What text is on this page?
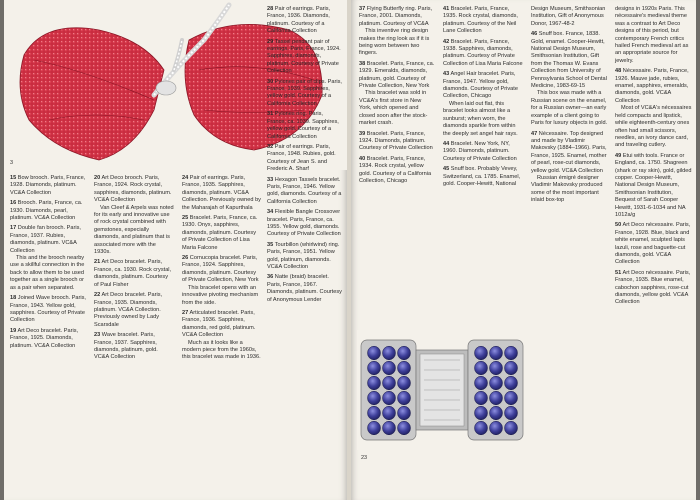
3

15 Bow brooch. Paris, France, 1928. Diamonds, platinum. VC&A Collection

16 Brooch. Paris, France, ca. 1930. Diamonds, pearl, platinum. VC&A Collection

17 Double fan brooch. Paris, France, 1937. Rubies, diamonds, platinum. VC&A Collection

This and the brooch nearby use a skillful connection in the back to allow them to be used together as a single brooch or as a pair when separated.

18 Joined Wave brooch. Paris, France, 1943. Yellow gold, sapphires. Courtesy of Private Collection

19 Art Deco bracelet. Paris, France, 1925. Diamonds, platinum. VC&A Collection

20 Art Deco brooch. Paris, France, 1924. Rock crystal, sapphires, diamonds, platinum. VC&A Collection

Van Cleef & Arpels was noted for its early and innovative use of rock crystal combined with gemstones, especially diamonds, and platinum that is associated more with the 1930s.

21 Art Deco bracelet. Paris, France, ca. 1930. Rock crystal, diamonds, platinum. Courtesy of Paul Fisher

22 Art Deco bracelet. Paris, France, 1935. Diamonds, platinum. VC&A Collection. Previously owned by Lady Scarsdale

23 Wave bracelet. Paris, France, 1937. Sapphires, diamonds, platinum, gold. VC&A Collection

24 Pair of earrings. Paris, France, 1935. Sapphires, diamonds, platinum. VC&A Collection. Previously owned by the Maharajah of Kapurthala

25 Bracelet. Paris, France, ca. 1930. Onyx, sapphires, diamonds, platinum. Courtesy of Private Collection of Lisa Maria Falcone

26 Cornucopia bracelet. Paris, France, 1924. Sapphires, diamonds, platinum. Courtesy of Private Collection, New York

This bracelet opens with an innovative pivoting mechanism from the side.

27 Articulated bracelet. Paris, France, 1936. Sapphires, diamonds, red gold, platinum. VC&A Collection

Much as it looks like a modern piece from the 1960s, this bracelet was made in 1936.

28 Pair of earrings. Paris, France, 1936. Diamonds, platinum. Courtesy of a California Collection

29 Tassel pendant pair of earrings. Paris, France, 1924. Sapphires, diamonds, platinum. Courtesy of Private Collection

30 Pylones pair of clips. Paris, France, 1939. Sapphires, yellow gold. Courtesy of a California Collection

31 Pylones ring. Paris, France, ca. 1939. Sapphires, yellow gold. Courtesy of a California Collection

32 Pair of earrings. Paris, France, 1948. Rubies, gold. Courtesy of Jean S. and Frederic A. Sharf

33 Hexagon Tassels bracelet. Paris, France, 1946. Yellow gold, diamonds. Courtesy of a California Collection

34 Flexible Bangle Crossover bracelet. Paris, France, ca. 1955. Yellow gold, diamonds. Courtesy of Private Collection

35 Tourbillon (whirlwind) ring. Paris, France, 1951. Yellow gold, platinum, diamonds. VC&A Collection

36 Natte (braid) bracelet. Paris, France, 1967. Diamonds, platinum. Courtesy of Anonymous Lender

37 Flying Butterfly ring. Paris, France, 2001. Diamonds, platinum. Courtesy of VC&A

This inventive ring design makes the ring look as if it is being worn between two fingers.

38 Bracelet. Paris, France, ca. 1929. Emeralds, diamonds, platinum, gold. Courtesy of Private Collection, New York

This bracelet was sold in VC&A's first store in New York, which opened and closed soon after the stock-market crash.

39 Bracelet. Paris, France, 1924. Diamonds, platinum. Courtesy of Private Collection

40 Bracelet. Paris, France, 1934. Rock crystal, yellow gold. Courtesy of a California Collection, Chicago

41 Bracelet. Paris, France, 1935. Rock crystal, diamonds, platinum. Courtesy of the Neil Lane Collection

42 Bracelet. Paris, France, 1938. Sapphires, diamonds, platinum. Courtesy of Private Collection of Lisa Maria Falcone

43 Angel Hair bracelet. Paris, France, 1947. Yellow gold, diamonds. Courtesy of Private Collection, Chicago

When laid out flat, this bracelet looks almost like a sunburst; when worn, the diamonds sparkle from within the deeply set angel hair rays.

44 Bracelet. New York, NY, 1960. Diamonds, platinum. Courtesy of Private Collection

45 Snuff box. Probably Vevey, Switzerland, ca. 1785. Enamel, gold. Cooper-Hewitt, National

Design Museum, Smithsonian Institution, Gift of Anonymous Donor, 1967-48-2

46 Snuff box. France, 1838. Gold, enamel. Cooper-Hewitt, National Design Museum, Smithsonian Institution, Gift from the Thomas W. Evans Collection from University of Pennsylvania School of Dental Medicine, 1983-69-15

This box was made with a Russian scene on the enamel, for a Russian owner—an early example of a client going to Paris for luxury objects in gold.

47 Nécessaire. Top designed and made by Vladimir Makovsky (1884–1966). Paris, France, 1925. Enamel, mother of pearl, rose-cut diamonds, yellow gold. VC&A Collection

Russian émigré designer Vladimir Makovsky produced some of the most important inlaid box-top

designs in 1920s Paris. This nécessaire's medieval theme was a contrast to Art Deco designs of this period, but contemporary French critics hailed French medieval art as an appropriate source for jewelry.

48 Nécessaire. Paris, France, 1926. Mauve jade, rubies, enamel, sapphires, emeralds, diamonds, gold. VC&A Collection

Most of VC&A's nécessaires held compacts and lipstick, while eighteenth-century ones often had small scissors, needles, an ivory dance card, and traveling cutlery.

49 Etui with tools. France or England, ca. 1750. Shagreen (shark or ray skin), gold, gilded copper. Cooper-Hewitt, National Design Museum, Smithsonian Institution, Bequest of Sarah Cooper Hewitt, 1931-6-1034 and NA 1012a/g

50 Art Deco nécessaire. Paris, France, 1928. Blue, black and white enamel, sculpted lapis lazuli, rose and baguette-cut diamonds, gold. VC&A Collection

51 Art Deco nécessaire. Paris, France, 1935. Blue enamel, cabochon sapphires, rose-cut diamonds, yellow gold. VC&A Collection

23
